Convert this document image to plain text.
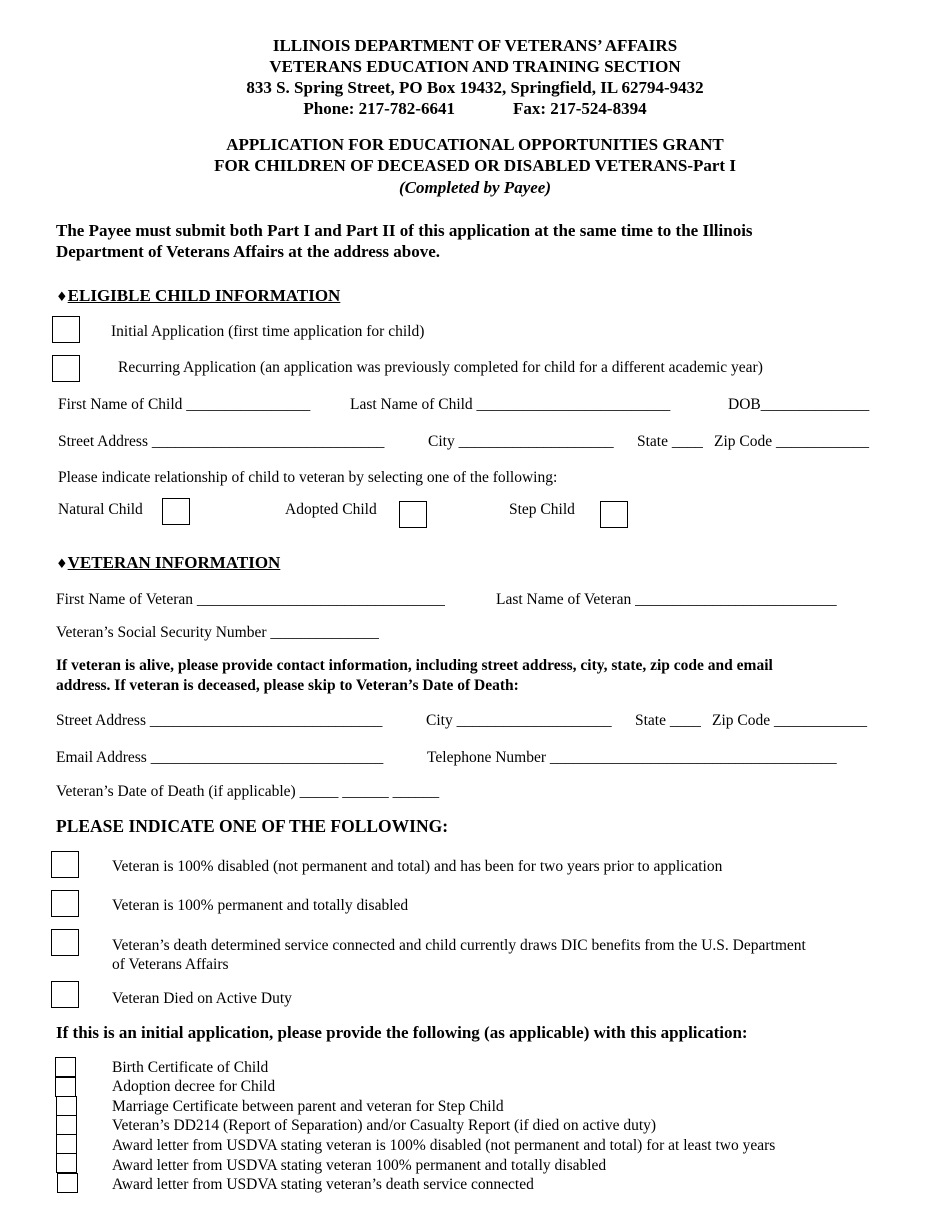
ILLINOIS DEPARTMENT OF VETERANS’ AFFAIRS
VETERANS EDUCATION AND TRAINING SECTION
833 S. Spring Street, PO Box 19432, Springfield, IL 62794-9432
Phone: 217-782-6641	Fax: 217-524-8394
APPLICATION FOR EDUCATIONAL OPPORTUNITIES GRANT
FOR CHILDREN OF DECEASED OR DISABLED VETERANS-Part I
(Completed by Payee)
The Payee must submit both Part I and Part II of this application at the same time to the Illinois
Department of Veterans Affairs at the address above.
♦ELIGIBLE CHILD INFORMATION
Initial Application (first time application for child)
Recurring Application (an application was previously completed for child for a different academic year)
First Name of Child ________________	Last Name of Child _________________________	DOB______________
Street Address ______________________________	City ____________________ State ____ Zip Code ____________
Please indicate relationship of child to veteran by selecting one of the following:
Natural Child	Adopted Child	Step Child
♦VETERAN INFORMATION
First Name of Veteran ________________________________	Last Name of Veteran __________________________
Veteran’s Social Security Number ______________
If veteran is alive, please provide contact information, including street address, city, state, zip code and email
address. If veteran is deceased, please skip to Veteran’s Date of Death:
Street Address ______________________________	City ____________________ State ____ Zip Code ____________
Email Address ______________________________	Telephone Number _____________________________________
Veteran’s Date of Death (if applicable) _____ ______ ______
PLEASE INDICATE ONE OF THE FOLLOWING:
Veteran is 100% disabled (not permanent and total) and has been for two years prior to application
Veteran is 100% permanent and totally disabled
Veteran’s death determined service connected and child currently draws DIC benefits from the U.S. Department
of Veterans Affairs
Veteran Died on Active Duty
If this is an initial application, please provide the following (as applicable) with this application:
Birth Certificate of Child
Adoption decree for Child
Marriage Certificate between parent and veteran for Step Child
Veteran’s DD214 (Report of Separation) and/or Casualty Report (if died on active duty)
Award letter from USDVA stating veteran is 100% disabled (not permanent and total) for at least two years
Award letter from USDVA stating veteran 100% permanent and totally disabled
Award letter from USDVA stating veteran’s death service connected
